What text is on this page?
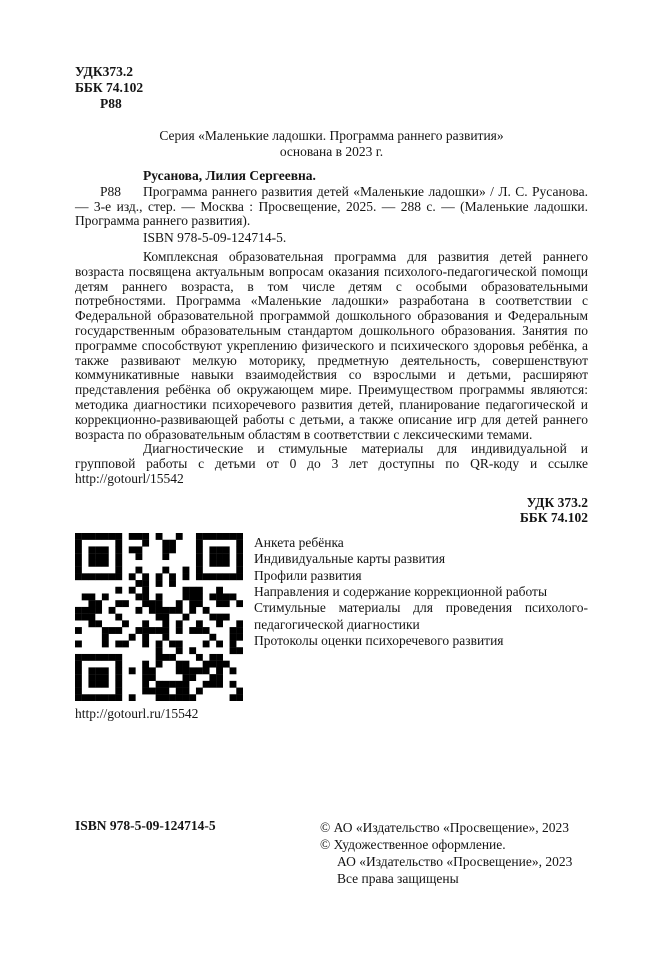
УДК373.2
ББК 74.102
Р88
Серия «Маленькие ладошки. Программа раннего развития»
основана в 2023 г.

Русанова, Лилия Сергеевна.

Р88 Программа раннего развития детей «Маленькие ладошки» / Л. С. Русанова. — 3-е изд., стер. — Москва : Просвещение, 2025. — 288 с. — (Маленькие ладошки. Программа раннего развития).

ISBN 978-5-09-124714-5.

Комплексная образовательная программа для развития детей раннего возраста посвящена актуальным вопросам оказания психолого-педагогической помощи детям раннего возраста, в том числе детям с особыми образовательными потребностями. Программа «Маленькие ладошки» разработана в соответствии с Федеральной образовательной программой дошкольного образования и Федеральным государственным образовательным стандартом дошкольного образования. Занятия по программе способствуют укреплению физического и психического здоровья ребёнка, а также развивают мелкую моторику, предметную деятельность, совершенствуют коммуникативные навыки взаимодействия со взрослыми и детьми, расширяют представления ребёнка об окружающем мире. Преимуществом программы являются: методика диагностики психоречевого развития детей, планирование педагогической и коррекционно-развивающей работы с детьми, а также описание игр для детей раннего возраста по образовательным областям в соответствии с лексическими темами.

Диагностические и стимульные материалы для индивидуальной и групповой работы с детьми от 0 до 3 лет доступны по QR-коду и ссылке http://gotourl/15542

УДК 373.2
ББК 74.102
Анкета ребёнка
Индивидуальные карты развития
Профили развития
Направления и содержание коррекционной работы
Стимульные материалы для проведения психолого-педагогической диагностики
Протоколы оценки психоречевого развития
http://gotourl.ru/15542
ISBN 978-5-09-124714-5	© АО «Издательство «Просвещение», 2023
© Художественное оформление.
АО «Издательство «Просвещение», 2023
Все права защищены
